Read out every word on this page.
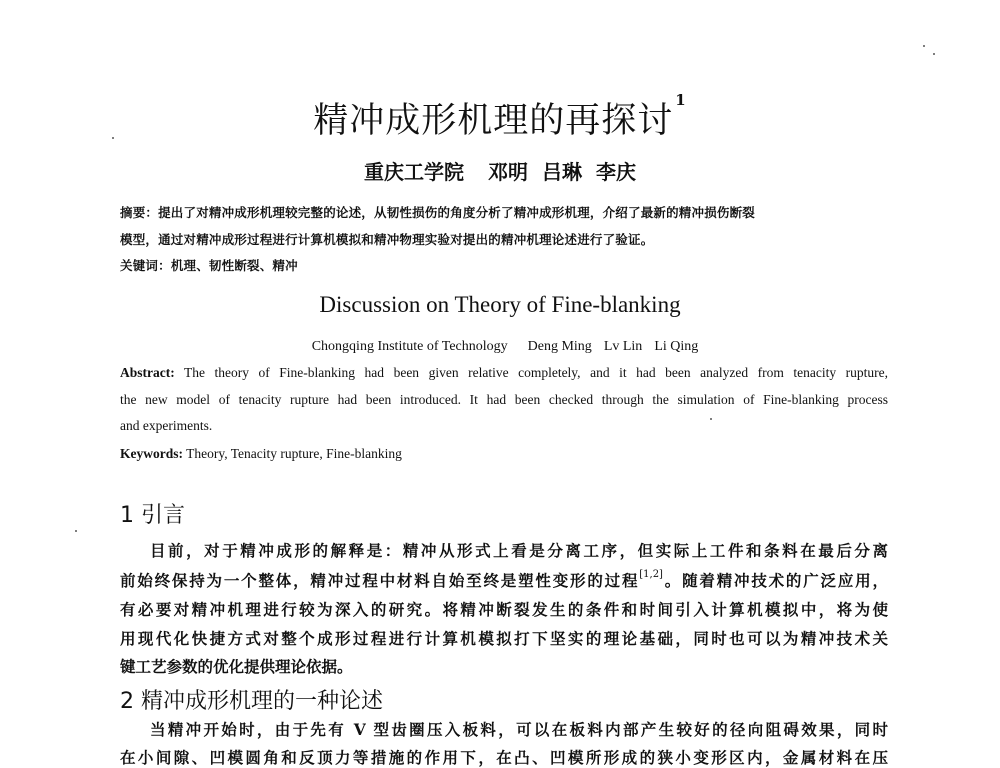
精冲成形机理的再探讨$^1$
重庆工学院 邓明 吕琳 李庆
摘要：提出了对精冲成形机理较完整的论述，从韧性损伤的角度分析了精冲成形机理，介绍了最新的精冲损伤断裂
模型，通过对精冲成形过程进行计算机模拟和精冲物理实验对提出的精冲机理论述进行了验证。
关键词：机理、韧性断裂、精冲
Discussion on Theory of Fine-blanking
Chongqing Institute of Technology Deng Ming Lv Lin Li Qing
Abstract: The theory of Fine-blanking had been given relative completely, and it had been analyzed from tenacity rupture,
the new model of tenacity rupture had been introduced. It had been checked through the simulation of Fine-blanking process
and experiments.
Keywords: Theory, Tenacity rupture, Fine-blanking
1 引言
目前，对于精冲成形的解释是：精冲从形式上看是分离工序，但实际上工件和条料在最后分离
前始终保持为一个整体，精冲过程中材料自始至终是塑性变形的过程[1,2]。随着精冲技术的广泛应用，
有必要对精冲机理进行较为深入的研究。将精冲断裂发生的条件和时间引入计算机模拟中，将为使
用现代化快捷方式对整个成形过程进行计算机模拟打下坚实的理论基础，同时也可以为精冲技术关
键工艺参数的优化提供理论依据。
2 精冲成形机理的一种论述
当精冲开始时，由于先有 V 型齿圈压入板料，可以在板料内部产生较好的径向阻碍效果，同时
在小间隙、凹模圆角和反顶力等措施的作用下，在凸、凹模所形成的狭小变形区内，金属材料在压
